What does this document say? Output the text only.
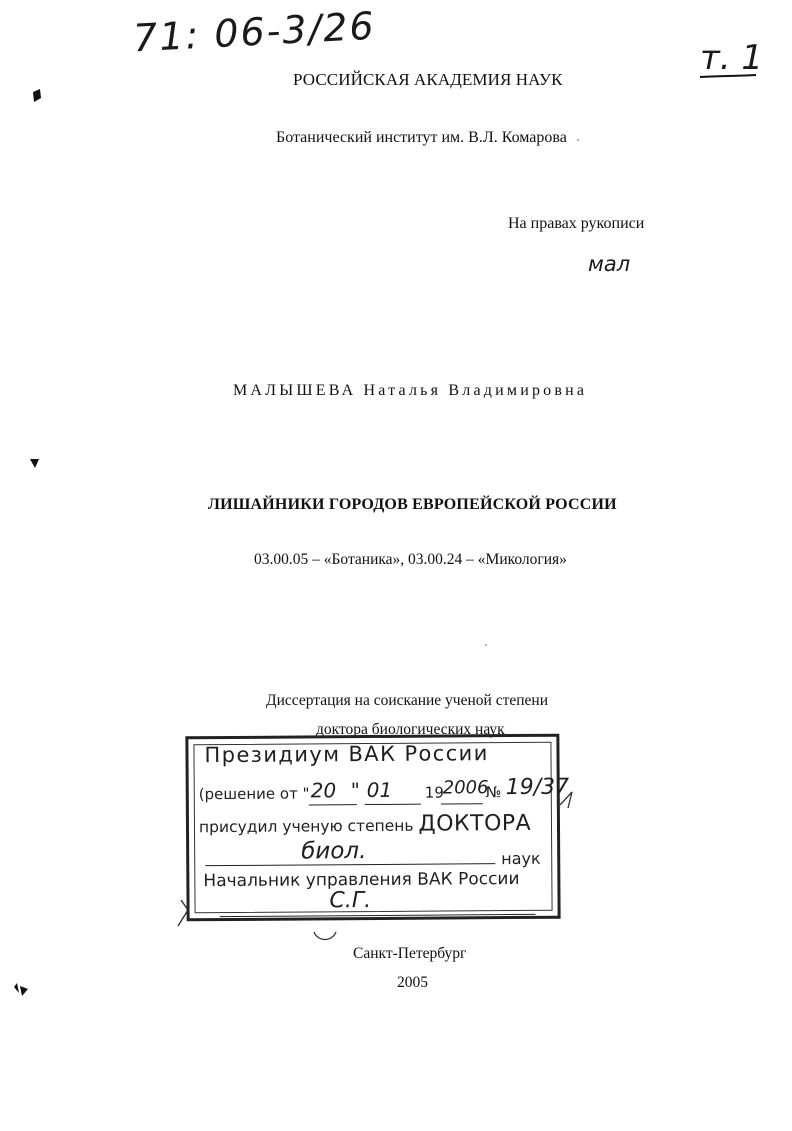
71: 06-3/26	т. 1
РОССИЙСКАЯ АКАДЕМИЯ НАУК
Ботанический институт им. В.Л. Комарова
На правах рукописи
мал
МАЛЫШЕВА Наталья Владимировна
ЛИШАЙНИКИ ГОРОДОВ ЕВРОПЕЙСКОЙ РОССИИ
03.00.05 – «Ботаника», 03.00.24 – «Микология»
Диссертация на соискание ученой степени
доктора биологических наук
Президиум ВАК России
(решение от " 20 " 01 19
2006
№ 19/37
присудил ученую степень ДОКТОРА
биол.	наук
Начальник управления ВАК России
С.Г.
Санкт-Петербург
2005
